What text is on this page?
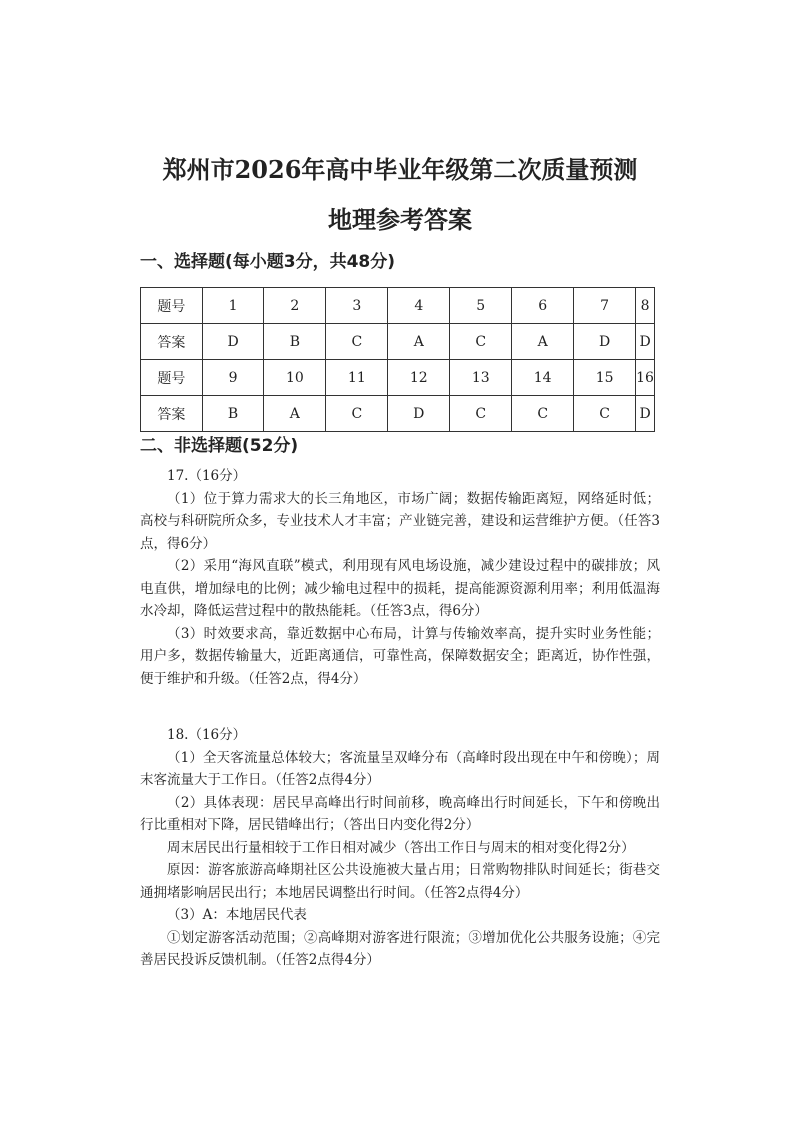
郑州市2026年高中毕业年级第二次质量预测
地理参考答案
一、选择题(每小题3分，共48分)
题号	1	2	3	4	5	6	7	8
答案	D	B	C	A	C	A	D	D
题号	9	10	11	12	13	14	15	16
答案	B	A	C	D	C	C	C	D
二、非选择题(52分)

17.（16分）

（1）位于算力需求大的长三角地区，市场广阔；数据传输距离短，网络延时低；高校与科研院所众多，专业技术人才丰富；产业链完善，建设和运营维护方便。（任答3点，得6分）

（2）采用“海风直联”模式，利用现有风电场设施，减少建设过程中的碳排放；风电直供，增加绿电的比例；减少输电过程中的损耗，提高能源资源利用率；利用低温海水冷却，降低运营过程中的散热能耗。（任答3点，得6分）

（3）时效要求高，靠近数据中心布局，计算与传输效率高，提升实时业务性能；用户多，数据传输量大，近距离通信，可靠性高，保障数据安全；距离近，协作性强，便于维护和升级。（任答2点，得4分）

18.（16分）

（1）全天客流量总体较大；客流量呈双峰分布（高峰时段出现在中午和傍晚）；周末客流量大于工作日。（任答2点得4分）

（2）具体表现：居民早高峰出行时间前移，晚高峰出行时间延长，下午和傍晚出行比重相对下降，居民错峰出行；（答出日内变化得2分）

周末居民出行量相较于工作日相对减少（答出工作日与周末的相对变化得2分）

原因：游客旅游高峰期社区公共设施被大量占用；日常购物排队时间延长；街巷交通拥堵影响居民出行；本地居民调整出行时间。（任答2点得4分）

（3）A：本地居民代表

①划定游客活动范围；②高峰期对游客进行限流；③增加优化公共服务设施；④完善居民投诉反馈机制。（任答2点得4分）
